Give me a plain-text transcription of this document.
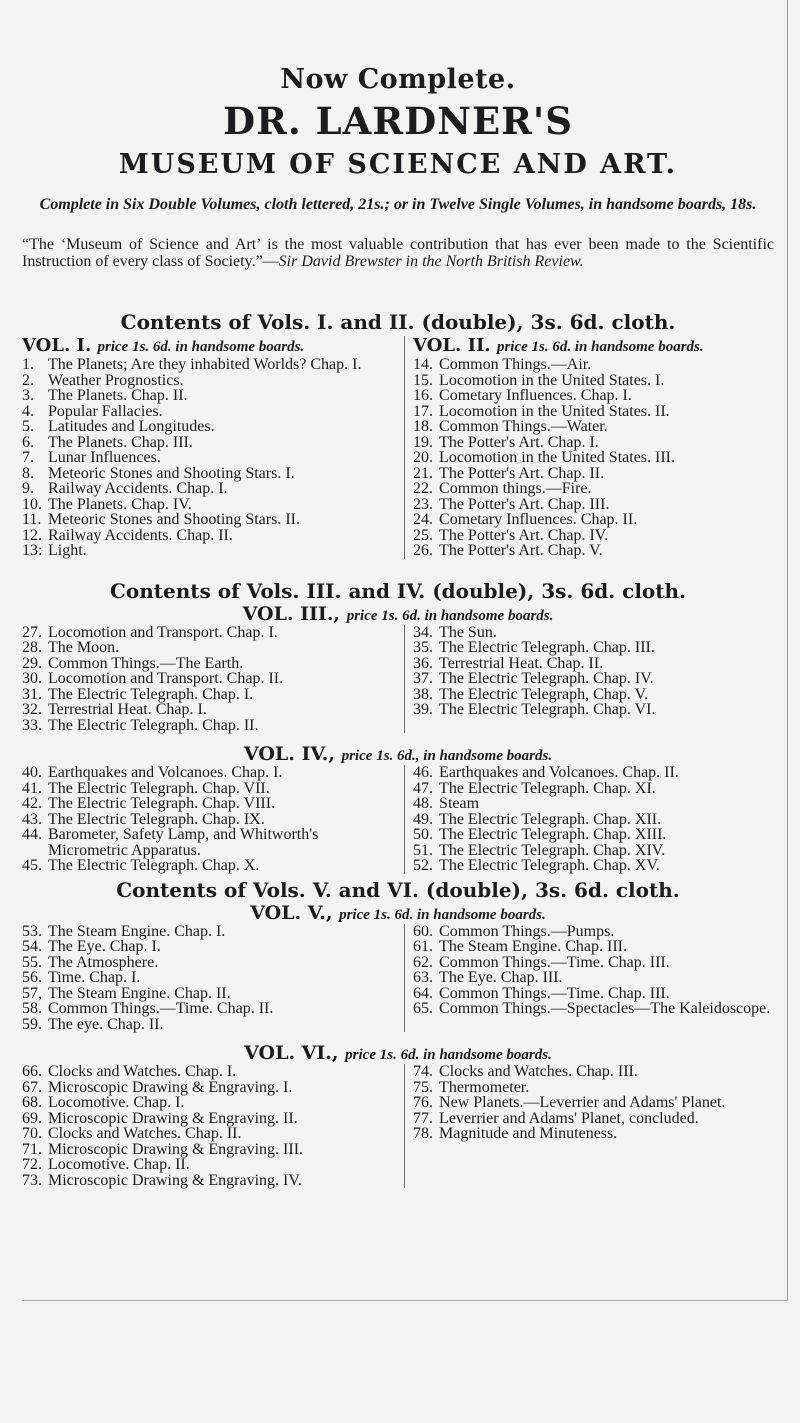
Now Complete.
DR. LARDNER'S
MUSEUM OF SCIENCE AND ART.
Complete in Six Double Volumes, cloth lettered, 21s.; or in Twelve Single Volumes, in handsome boards, 18s.
“The ‘Museum of Science and Art’ is the most valuable contribution that has ever been made to the Scientific Instruction of every class of Society.”—Sir David Brewster in the North British Review.
Contents of Vols. I. and II. (double), 3s. 6d. cloth.
VOL. I. price 1s. 6d. in handsome boards.
1. The Planets; Are they inhabited Worlds? Chap. I.
2. Weather Prognostics.
3. The Planets. Chap. II.
4. Popular Fallacies.
5. Latitudes and Longitudes.
6. The Planets. Chap. III.
7. Lunar Influences.
8. Meteoric Stones and Shooting Stars. I.
9. Railway Accidents. Chap. I.
10. The Planets. Chap. IV.
11. Meteoric Stones and Shooting Stars. II.
12. Railway Accidents. Chap. II.
13: Light.
VOL. II. price 1s. 6d. in handsome boards.
14. Common Things.—Air.
15. Locomotion in the United States. I.
16. Cometary Influences. Chap. I.
17. Locomotion in the United States. II.
18. Common Things.—Water.
19. The Potter's Art. Chap. I.
20. Locomotion in the United States. III.
21. The Potter's Art. Chap. II.
22. Common things.—Fire.
23. The Potter's Art. Chap. III.
24. Cometary Influences. Chap. II.
25. The Potter's Art. Chap. IV.
26. The Potter's Art. Chap. V.
Contents of Vols. III. and IV. (double), 3s. 6d. cloth.
VOL. III., price 1s. 6d. in handsome boards.
27. Locomotion and Transport. Chap. I.
28. The Moon.
29. Common Things.—The Earth.
30. Locomotion and Transport. Chap. II.
31. The Electric Telegraph. Chap. I.
32. Terrestrial Heat. Chap. I.
33. The Electric Telegraph. Chap. II.
34. The Sun.
35. The Electric Telegraph. Chap. III.
36. Terrestrial Heat. Chap. II.
37. The Electric Telegraph. Chap. IV.
38. The Electric Telegraph, Chap. V.
39. The Electric Telegraph. Chap. VI.
VOL. IV., price 1s. 6d., in handsome boards.
40. Earthquakes and Volcanoes. Chap. I.
41. The Electric Telegraph. Chap. VII.
42. The Electric Telegraph. Chap. VIII.
43. The Electric Telegraph. Chap. IX.
44. Barometer, Safety Lamp, and Whitworth's Micrometric Apparatus.
45. The Electric Telegraph. Chap. X.
46. Earthquakes and Volcanoes. Chap. II.
47. The Electric Telegraph. Chap. XI.
48. Steam
49. The Electric Telegraph. Chap. XII.
50. The Electric Telegraph. Chap. XIII.
51. The Electric Telegraph. Chap. XIV.
52. The Electric Telegraph. Chap. XV.
Contents of Vols. V. and VI. (double), 3s. 6d. cloth.
VOL. V., price 1s. 6d. in handsome boards.
53. The Steam Engine. Chap. I.
54. The Eye. Chap. I.
55. The Atmosphere.
56. Time. Chap. I.
57, The Steam Engine. Chap. II.
58. Common Things.—Time. Chap. II.
59. The eye. Chap. II.
60. Common Things.—Pumps.
61. The Steam Engine. Chap. III.
62. Common Things.—Time. Chap. III.
63. The Eye. Chap. III.
64. Common Things.—Time. Chap. III.
65. Common Things.—Spectacles—The Kaleidoscope.
VOL. VI., price 1s. 6d. in handsome boards.
66. Clocks and Watches. Chap. I.
67. Microscopic Drawing & Engraving. I.
68. Locomotive. Chap. I.
69. Microscopic Drawing & Engraving. II.
70. Clocks and Watches. Chap. II.
71. Microscopic Drawing & Engraving. III.
72. Locomotive. Chap. II.
73. Microscopic Drawing & Engraving. IV.
74. Clocks and Watches. Chap. III.
75. Thermometer.
76. New Planets.—Leverrier and Adams' Planet.
77. Leverrier and Adams' Planet, concluded.
78. Magnitude and Minuteness.
